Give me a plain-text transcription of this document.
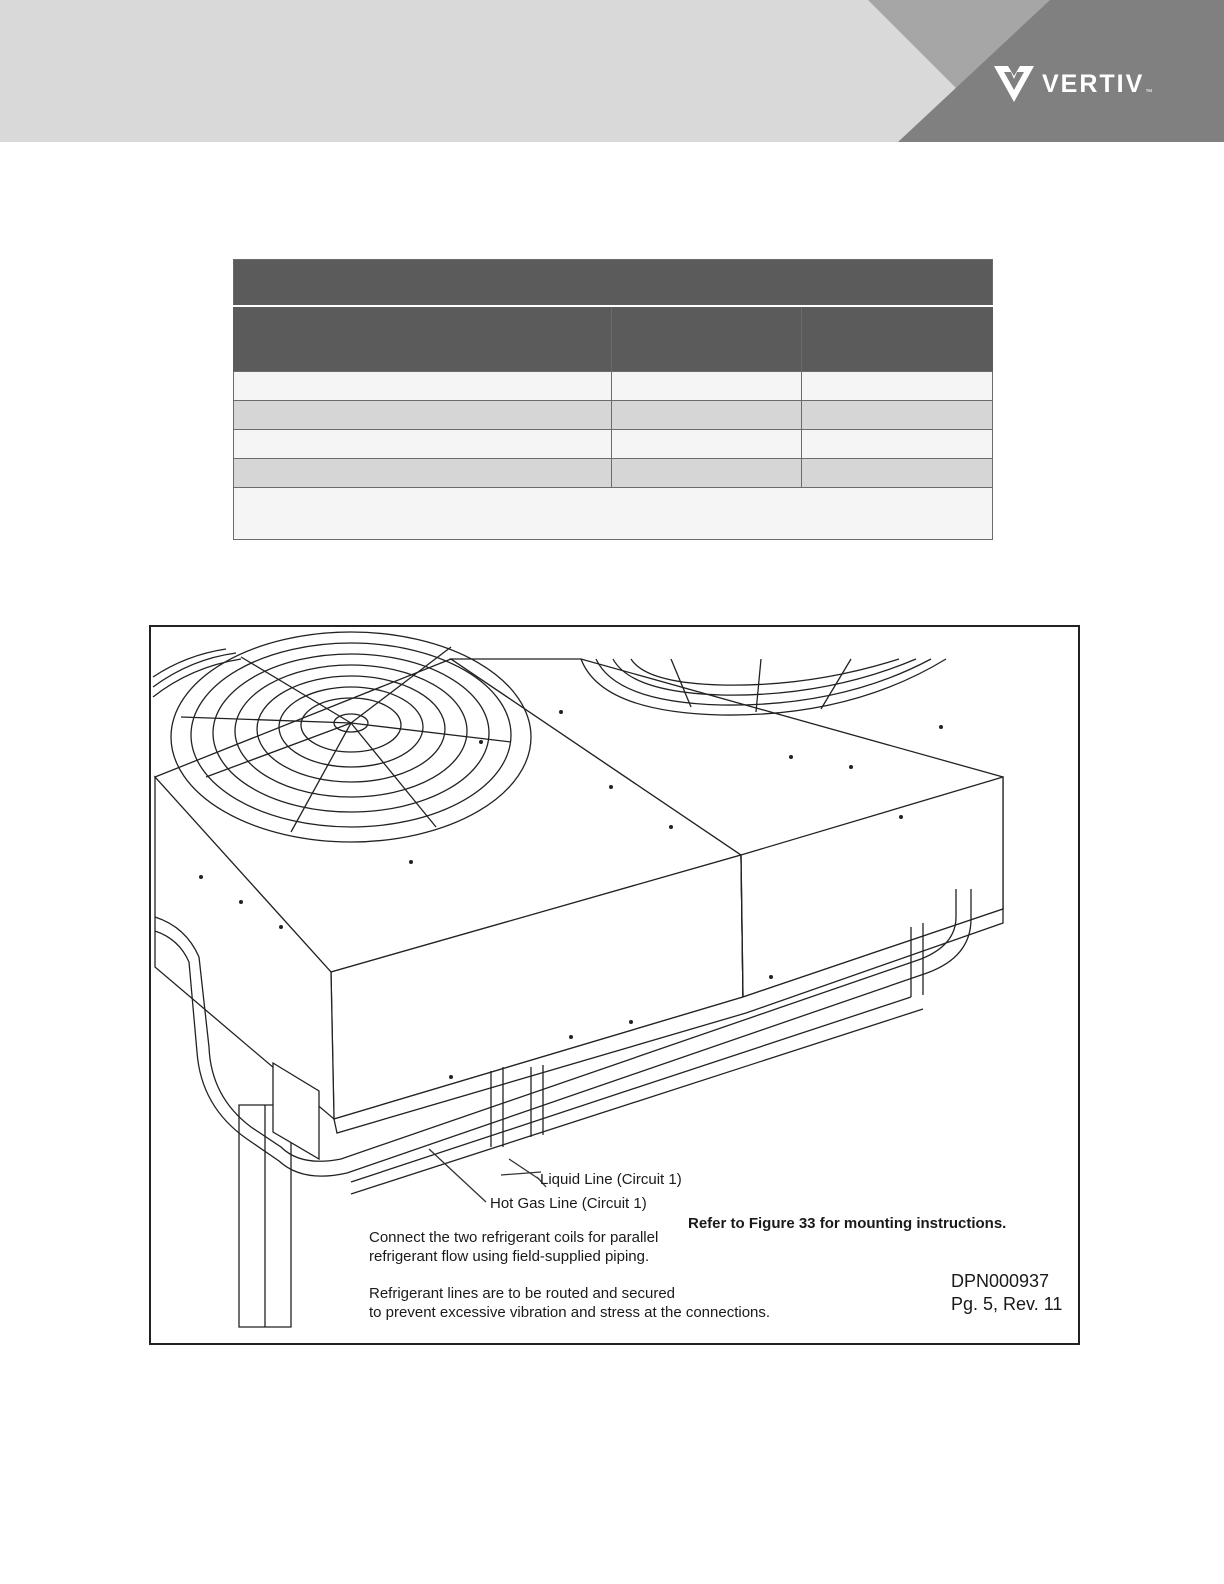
VERTIV ™

Liquid Line (Circuit 1)
Hot Gas Line (Circuit 1)
Refer to Figure 33 for mounting instructions.
Connect the two refrigerant coils for parallel
refrigerant flow using field-supplied piping.
Refrigerant lines are to be routed and secured
to prevent excessive vibration and stress at the connections.
DPN000937
Pg. 5, Rev. 11
